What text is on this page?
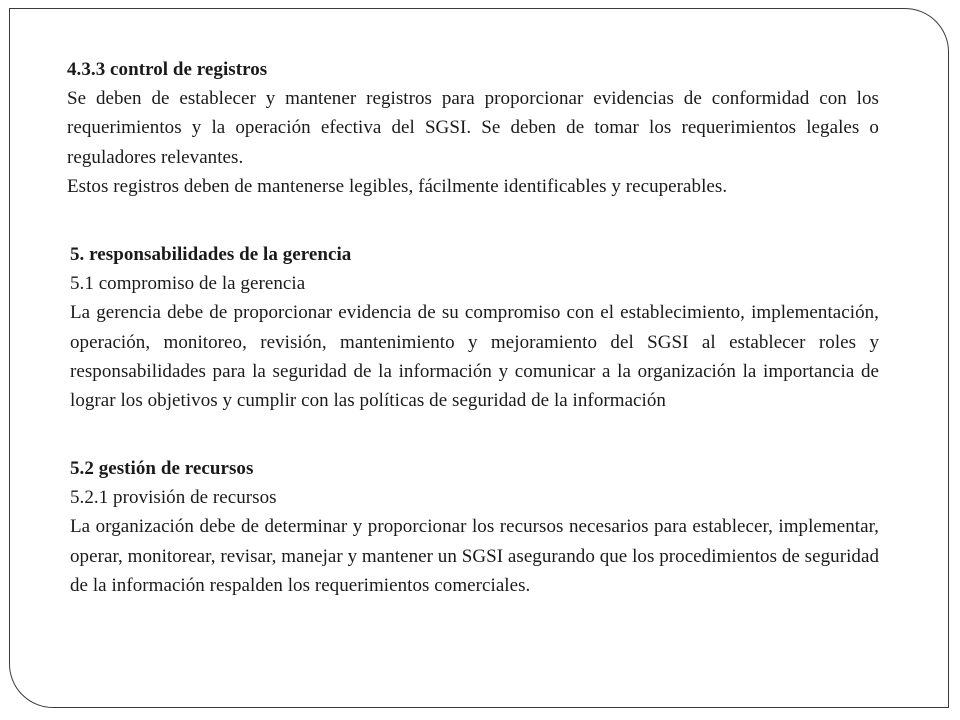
4.3.3 control de registros

Se deben de establecer y mantener registros para proporcionar evidencias de conformidad con los requerimientos y la operación efectiva del SGSI. Se deben de tomar los requerimientos legales o reguladores relevantes.

Estos registros deben de mantenerse legibles, fácilmente identificables y recuperables.

5. responsabilidades de la gerencia

5.1 compromiso de la gerencia

La gerencia debe de proporcionar evidencia de su compromiso con el establecimiento, implementación, operación, monitoreo, revisión, mantenimiento y mejoramiento del SGSI al establecer roles y responsabilidades para la seguridad de la información y comunicar a la organización la importancia de lograr los objetivos y cumplir con las políticas de seguridad de la información

5.2 gestión de recursos

5.2.1 provisión de recursos

La organización debe de determinar y proporcionar los recursos necesarios para establecer, implementar, operar, monitorear, revisar, manejar y mantener un SGSI asegurando que los procedimientos de seguridad de la información respalden los requerimientos comerciales.
